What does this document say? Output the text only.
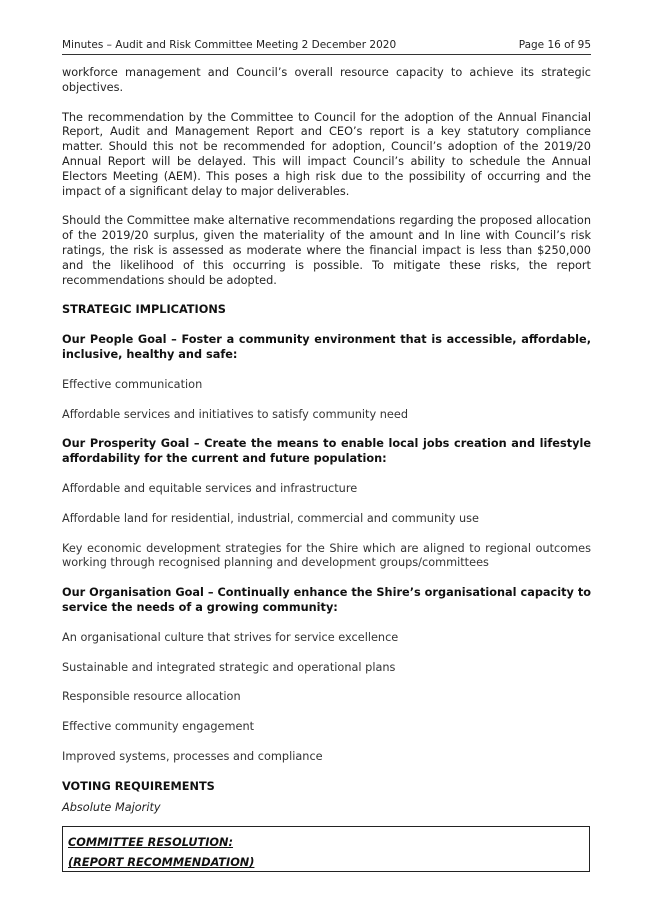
Minutes – Audit and Risk Committee Meeting 2 December 2020	Page 16 of 95

workforce management and Council’s overall resource capacity to achieve its strategic objectives.

The recommendation by the Committee to Council for the adoption of the Annual Financial Report, Audit and Management Report and CEO’s report is a key statutory compliance matter. Should this not be recommended for adoption, Council’s adoption of the 2019/20 Annual Report will be delayed. This will impact Council’s ability to schedule the Annual Electors Meeting (AEM). This poses a high risk due to the possibility of occurring and the impact of a significant delay to major deliverables.

Should the Committee make alternative recommendations regarding the proposed allocation of the 2019/20 surplus, given the materiality of the amount and In line with Council’s risk ratings, the risk is assessed as moderate where the financial impact is less than $250,000 and the likelihood of this occurring is possible. To mitigate these risks, the report recommendations should be adopted.

STRATEGIC IMPLICATIONS

Our People Goal – Foster a community environment that is accessible, affordable, inclusive, healthy and safe:

Effective communication

Affordable services and initiatives to satisfy community need

Our Prosperity Goal – Create the means to enable local jobs creation and lifestyle affordability for the current and future population:

Affordable and equitable services and infrastructure

Affordable land for residential, industrial, commercial and community use

Key economic development strategies for the Shire which are aligned to regional outcomes working through recognised planning and development groups/committees

Our Organisation Goal – Continually enhance the Shire’s organisational capacity to service the needs of a growing community:

An organisational culture that strives for service excellence

Sustainable and integrated strategic and operational plans

Responsible resource allocation

Effective community engagement

Improved systems, processes and compliance

VOTING REQUIREMENTS

Absolute Majority

COMMITTEE RESOLUTION:
(REPORT RECOMMENDATION)
